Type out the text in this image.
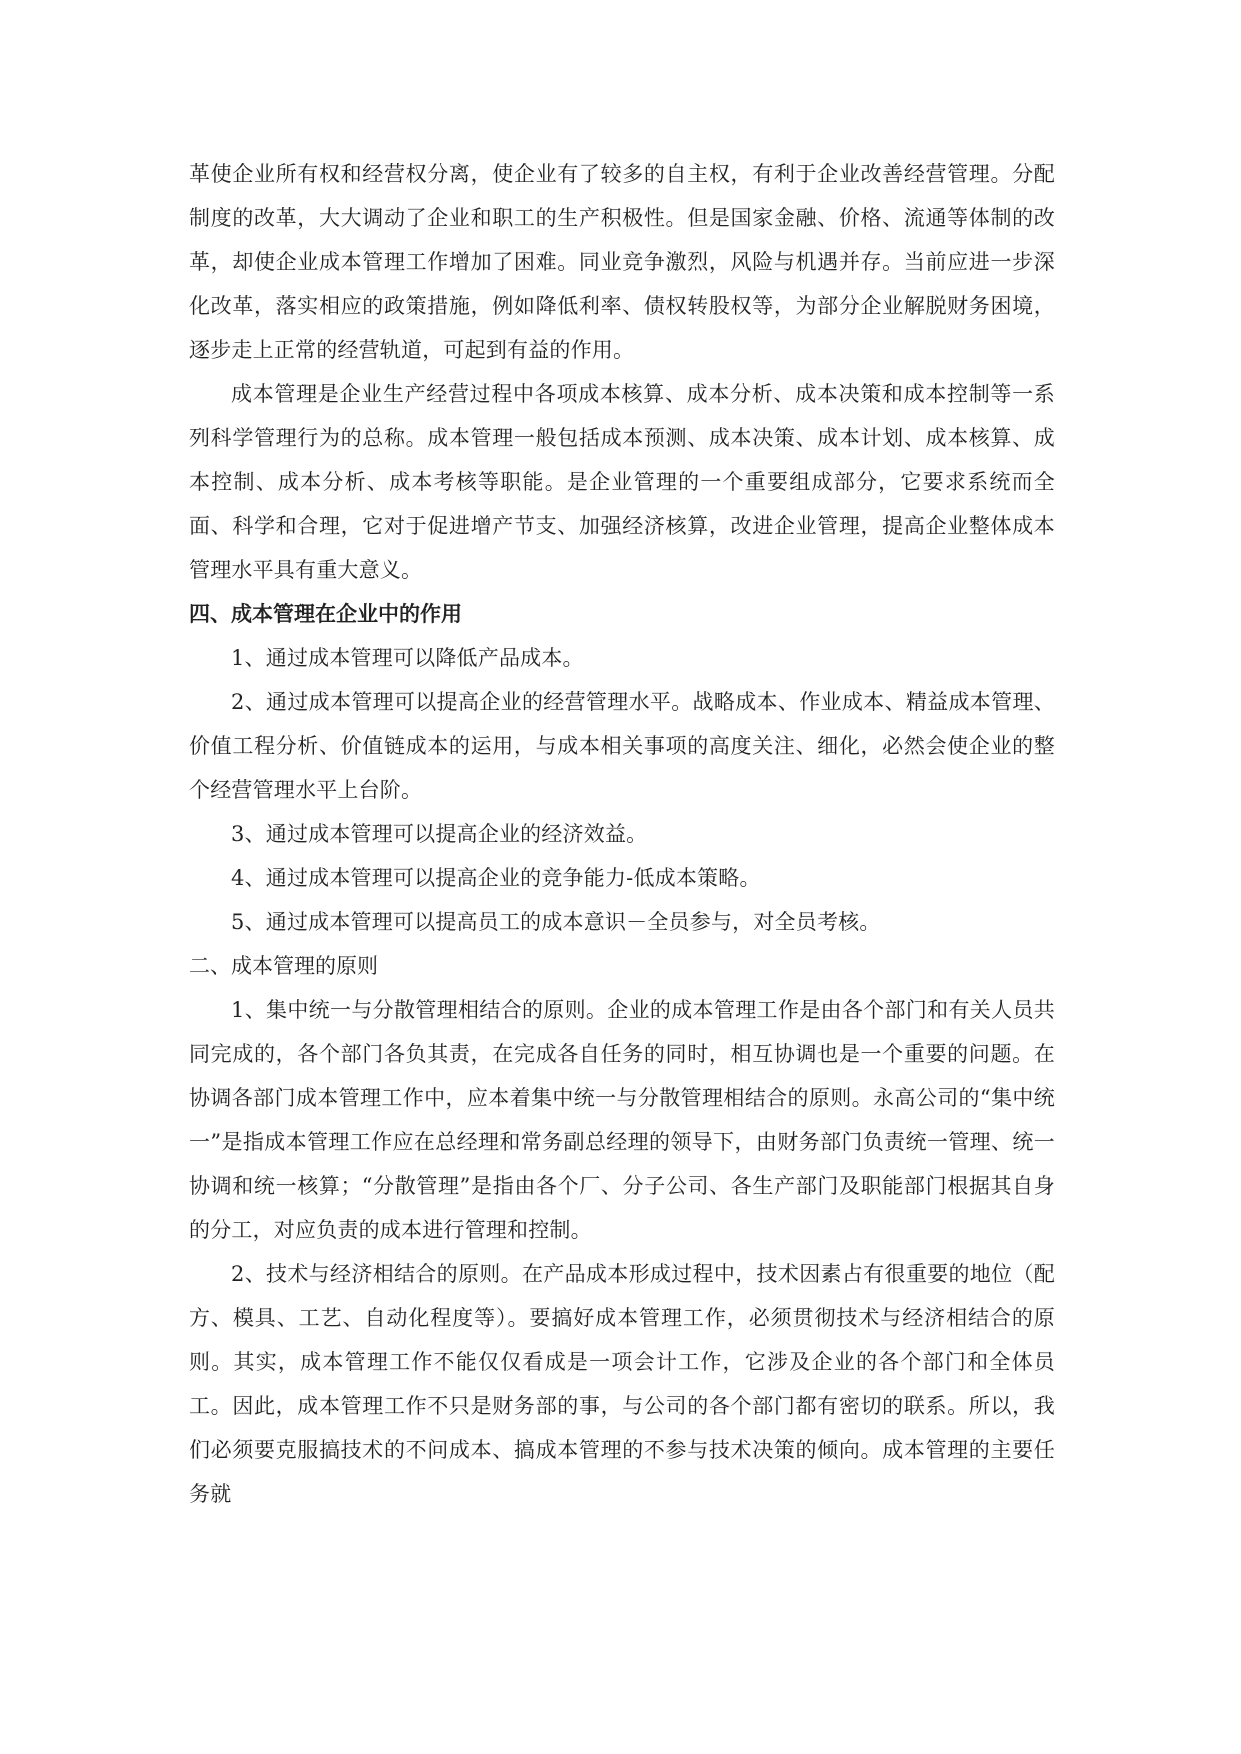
革使企业所有权和经营权分离，使企业有了较多的自主权，有利于企业改善经营管理。分配制度的改革，大大调动了企业和职工的生产积极性。但是国家金融、价格、流通等体制的改革，却使企业成本管理工作增加了困难。同业竞争激烈，风险与机遇并存。当前应进一步深化改革，落实相应的政策措施，例如降低利率、债权转股权等，为部分企业解脱财务困境，逐步走上正常的经营轨道，可起到有益的作用。

成本管理是企业生产经营过程中各项成本核算、成本分析、成本决策和成本控制等一系列科学管理行为的总称。成本管理一般包括成本预测、成本决策、成本计划、成本核算、成本控制、成本分析、成本考核等职能。是企业管理的一个重要组成部分，它要求系统而全面、科学和合理，它对于促进增产节支、加强经济核算，改进企业管理，提高企业整体成本管理水平具有重大意义。

四、成本管理在企业中的作用

1、通过成本管理可以降低产品成本。

2、通过成本管理可以提高企业的经营管理水平。战略成本、作业成本、精益成本管理、价值工程分析、价值链成本的运用，与成本相关事项的高度关注、细化，必然会使企业的整个经营管理水平上台阶。

3、通过成本管理可以提高企业的经济效益。

4、通过成本管理可以提高企业的竞争能力-低成本策略。

5、通过成本管理可以提高员工的成本意识－全员参与，对全员考核。

二、成本管理的原则

1、集中统一与分散管理相结合的原则。企业的成本管理工作是由各个部门和有关人员共同完成的，各个部门各负其责，在完成各自任务的同时，相互协调也是一个重要的问题。在协调各部门成本管理工作中，应本着集中统一与分散管理相结合的原则。永高公司的“集中统一”是指成本管理工作应在总经理和常务副总经理的领导下，由财务部门负责统一管理、统一协调和统一核算；“分散管理”是指由各个厂、分子公司、各生产部门及职能部门根据其自身的分工，对应负责的成本进行管理和控制。

2、技术与经济相结合的原则。在产品成本形成过程中，技术因素占有很重要的地位（配方、模具、工艺、自动化程度等）。要搞好成本管理工作，必须贯彻技术与经济相结合的原则。其实，成本管理工作不能仅仅看成是一项会计工作，它涉及企业的各个部门和全体员工。因此，成本管理工作不只是财务部的事，与公司的各个部门都有密切的联系。所以，我们必须要克服搞技术的不问成本、搞成本管理的不参与技术决策的倾向。成本管理的主要任务就
